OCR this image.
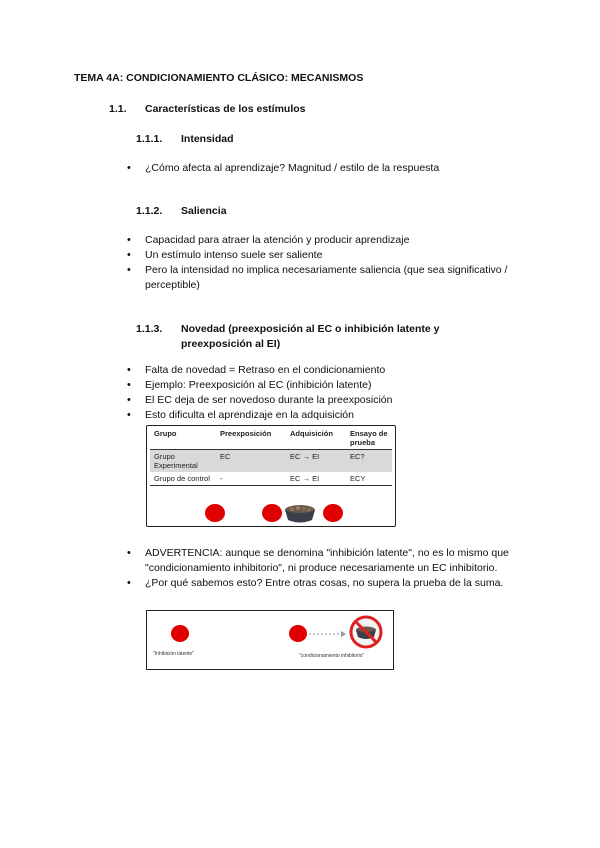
TEMA 4A: CONDICIONAMIENTO CLÁSICO: MECANISMOS
1.1. Características de los estímulos
1.1.1. Intensidad
• ¿Cómo afecta al aprendizaje? Magnitud / estilo de la respuesta
1.1.2. Saliencia
• Capacidad para atraer la atención y producir aprendizaje
• Un estímulo intenso suele ser saliente
• Pero la intensidad no implica necesariamente saliencia (que sea significativo / perceptible)
1.1.3. Novedad (preexposición al EC o inhibición latente y preexposición al EI)
• Falta de novedad = Retraso en el condicionamiento
• Ejemplo: Preexposición al EC (inhibición latente)
• El EC deja de ser novedoso durante la preexposición
• Esto dificulta el aprendizaje en la adquisición
Grupo	Preexposición	Adquisición	Ensayo de prueba
Grupo Experimental	EC	EC → EI	EC?
Grupo de control	-	EC → EI	ECY
• ADVERTENCIA: aunque se denomina "inhibición latente", no es lo mismo que "condicionamiento inhibitorio", ni produce necesariamente un EC inhibitorio.
• ¿Por qué sabemos esto? Entre otras cosas, no supera la prueba de la suma.
"Inhibición latente"	"condicionamiento inhibitorio"
